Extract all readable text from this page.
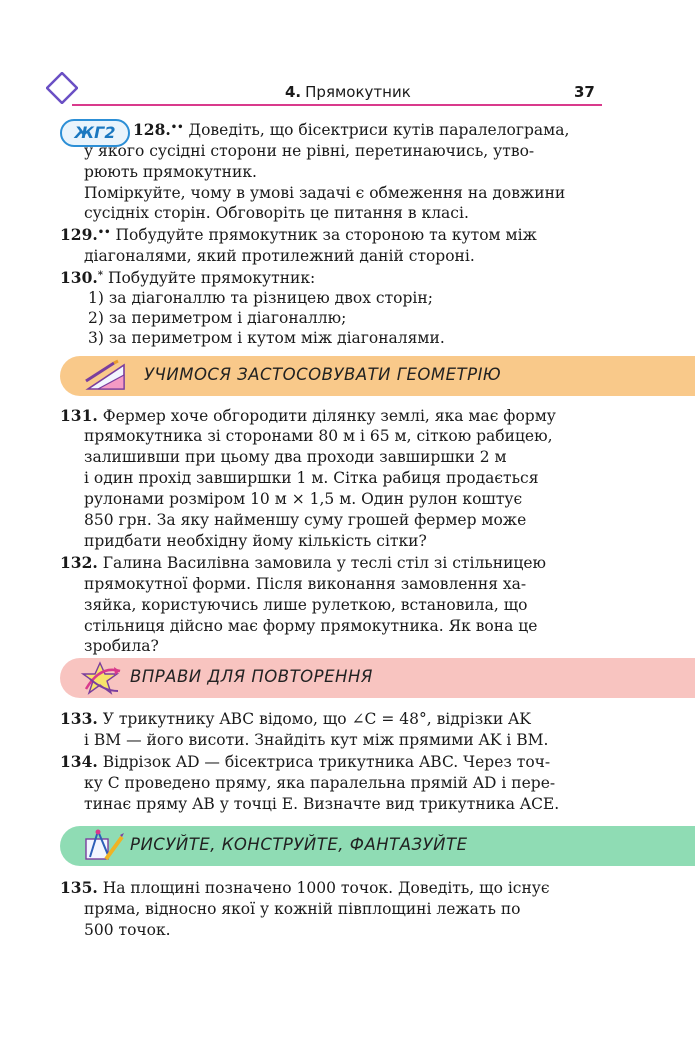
4. Прямокутник	37
ЖГ2	128.•• Доведіть, що бісектриси кутів паралелограма,
у якого сусідні сторони не рівні, перетинаючись, утво-
рюють прямокутник.
Поміркуйте, чому в умові задачі є обмеження на довжини
сусідніх сторін. Обговоріть це питання в класі.
129.•• Побудуйте прямокутник за стороною та кутом між
діагоналями, який протилежний даній стороні.
130.* Побудуйте прямокутник:
1) за діагоналлю та різницею двох сторін;
2) за периметром і діагоналлю;
3) за периметром і кутом між діагоналями.
УЧИМОСЯ ЗАСТОСОВУВАТИ ГЕОМЕТРІЮ
131. Фермер хоче обгородити ділянку землі, яка має форму
прямокутника зі сторонами 80 м і 65 м, сіткою рабицею,
залишивши при цьому два проходи завширшки 2 м
і один прохід завширшки 1 м. Сітка рабиця продається
рулонами розміром 10 м × 1,5 м. Один рулон коштує
850 грн. За яку найменшу суму грошей фермер може
придбати необхідну йому кількість сітки?
132. Галина Василівна замовила у теслі стіл зі стільницею
прямокутної форми. Після виконання замовлення ха-
зяйка, користуючись лише рулеткою, встановила, що
стільниця дійсно має форму прямокутника. Як вона це
зробила?
ВПРАВИ ДЛЯ ПОВТОРЕННЯ
133. У трикутнику ABC відомо, що ∠C = 48°, відрізки AK
і BM — його висоти. Знайдіть кут між прямими AK і BM.
134. Відрізок AD — бісектриса трикутника ABC. Через точ-
ку C проведено пряму, яка паралельна прямій AD і пере-
тинає пряму AB у точці E. Визначте вид трикутника ACE.
РИСУЙТЕ, КОНСТРУЙТЕ, ФАНТАЗУЙТЕ
135. На площині позначено 1000 точок. Доведіть, що існує
пряма, відносно якої у кожній півплощині лежать по
500 точок.
